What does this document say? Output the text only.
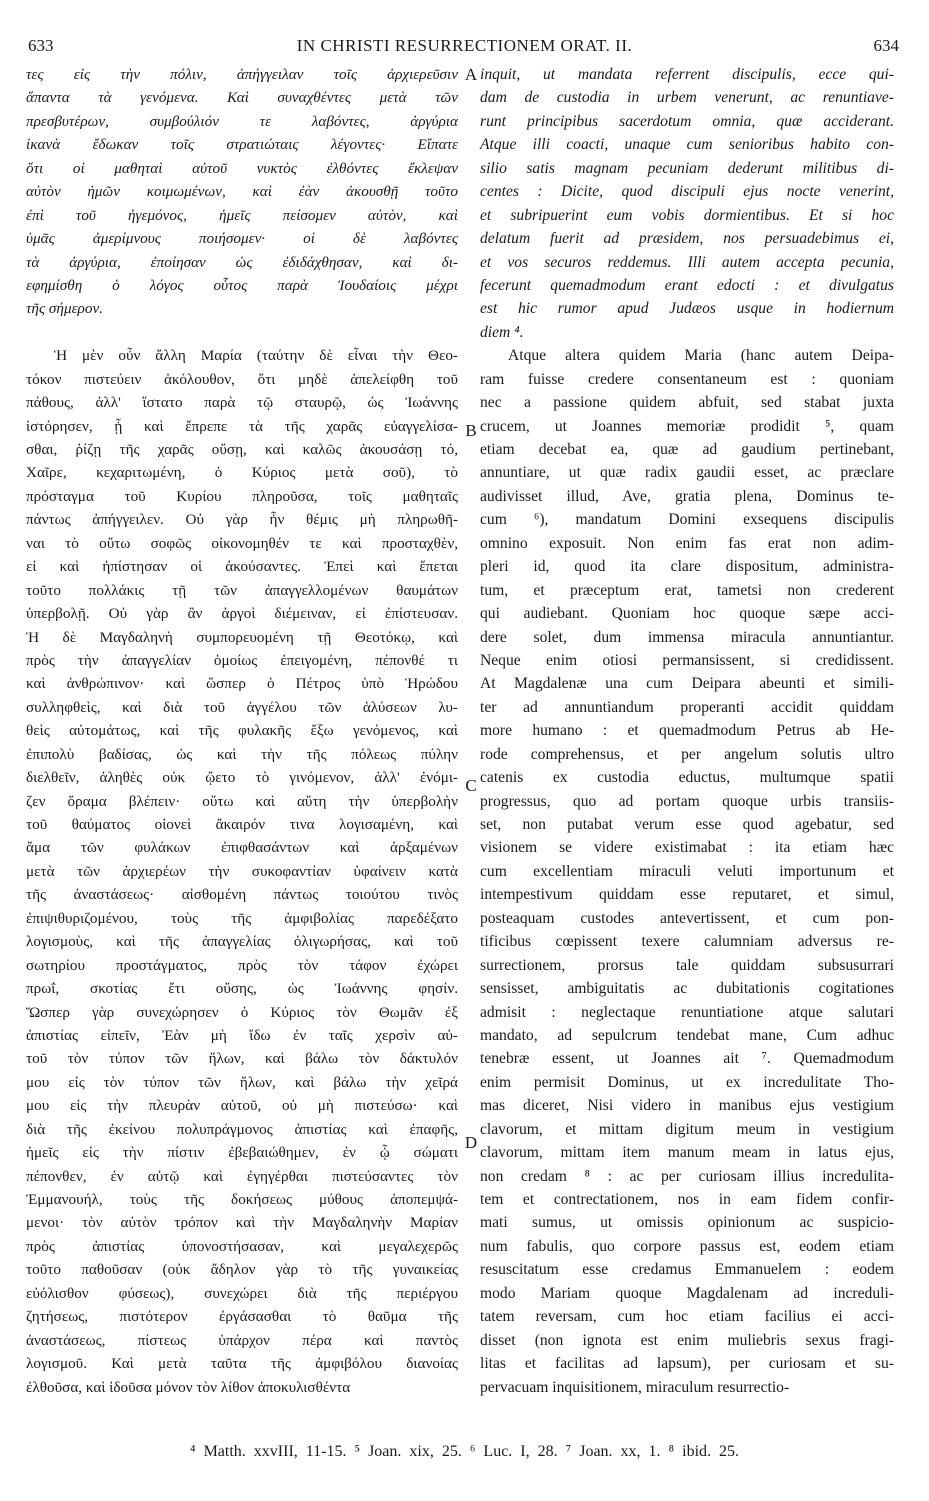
633	IN CHRISTI RESURRECTIONEM ORAT. II.	634
τες εἰς τὴν πόλιν, ἀπήγγειλαν τοῖς ἀρχιερεῦσιν
ἅπαντα τὰ γενόμενα. Καὶ συναχθέντες μετὰ τῶν
πρεσβυτέρων, συμβούλιόν τε λαβόντες, ἀργύρια
ἱκανὰ ἔδωκαν τοῖς στρατιώταις λέγοντες· Εἴπατε
ὅτι οἱ μαθηταὶ αὐτοῦ νυκτὸς ἐλθόντες ἔκλεψαν
αὐτὸν ἡμῶν κοιμωμένων, καὶ ἐὰν ἀκουσθῇ τοῦτο
ἐπὶ τοῦ ἡγεμόνος, ἡμεῖς πείσομεν αὐτὸν, καὶ
ὑμᾶς ἀμερίμνους ποιήσομεν· οἱ δὲ λαβόντες
τὰ ἀργύρια, ἐποίησαν ὡς ἐδιδάχθησαν, καὶ δι-
εφημίσθη ὁ λόγος οὗτος παρὰ Ἰουδαίοις μέχρι
τῆς σήμερον.
Ἡ μὲν οὖν ἄλλη Μαρία (ταύτην δὲ εἶναι τὴν Θεο-
τόκον πιστεύειν ἀκόλουθον, ὅτι μηδὲ ἀπελείφθη τοῦ
πάθους, ἀλλ' ἵστατο παρὰ τῷ σταυρῷ, ὡς Ἰωάννης
ἱστόρησεν, ᾗ καὶ ἔπρεπε τὰ τῆς χαρᾶς εὐαγγελίσα-
σθαι, ῥίζῃ τῆς χαρᾶς οὔσῃ, καὶ καλῶς ἀκουσάσῃ τό,
Χαῖρε, κεχαριτωμένη, ὁ Κύριος μετὰ σοῦ), τὸ
πρόσταγμα τοῦ Κυρίου πληροῦσα, τοῖς μαθηταῖς
πάντως ἀπήγγειλεν. Οὐ γὰρ ἦν θέμις μὴ πληρωθῆ-
ναι τὸ οὕτω σοφῶς οἰκονομηθέν τε καὶ προσταχθὲν,
εἰ καὶ ἠπίστησαν οἱ ἀκούσαντες. Ἐπεὶ καὶ ἕπεται
τοῦτο πολλάκις τῇ τῶν ἀπαγγελλομένων θαυμάτων
ὑπερβολῇ. Οὐ γὰρ ἂν ἀργοὶ διέμειναν, εἰ ἐπίστευσαν.
Ἡ δὲ Μαγδαληνὴ συμπορευομένη τῇ Θεοτόκῳ, καὶ
πρὸς τὴν ἀπαγγελίαν ὁμοίως ἐπειγομένη, πέπονθέ τι
καὶ ἀνθρώπινον· καὶ ὥσπερ ὁ Πέτρος ὑπὸ Ἡρώδου
συλληφθεὶς, καὶ διὰ τοῦ ἀγγέλου τῶν ἁλύσεων λυ-
θεὶς αὐτομάτως, καὶ τῆς φυλακῆς ἔξω γενόμενος, καὶ
ἐπιπολὺ βαδίσας, ὡς καὶ τὴν τῆς πόλεως πύλην
διελθεῖν, ἀληθὲς οὐκ ᾤετο τὸ γινόμενον, ἀλλ' ἐνόμι-
ζεν ὅραμα βλέπειν· οὕτω καὶ αὕτη τὴν ὑπερβολὴν
τοῦ θαύματος οἱονεὶ ἄκαιρόν τινα λογισαμένη, καὶ
ἅμα τῶν φυλάκων ἐπιφθασάντων καὶ ἀρξαμένων
μετὰ τῶν ἀρχιερέων τὴν συκοφαντίαν ὑφαίνειν κατὰ
τῆς ἀναστάσεως· αἰσθομένη πάντως τοιούτου τινὸς
ἐπιψιθυριζομένου, τοὺς τῆς ἀμφιβολίας παρεδέξατο
λογισμοὺς, καὶ τῆς ἀπαγγελίας ὀλιγωρήσας, καὶ τοῦ
σωτηρίου προστάγματος, πρὸς τὸν τάφον ἐχώρει
πρωΐ, σκοτίας ἔτι οὔσης, ὡς Ἰωάννης φησίν.
Ὥσπερ γὰρ συνεχώρησεν ὁ Κύριος τὸν Θωμᾶν ἐξ
ἀπιστίας εἰπεῖν, Ἐὰν μὴ ἴδω ἐν ταῖς χερσὶν αὐ-
τοῦ τὸν τύπον τῶν ἥλων, καὶ βάλω τὸν δάκτυλόν
μου εἰς τὸν τύπον τῶν ἥλων, καὶ βάλω τὴν χεῖρά
μου εἰς τὴν πλευρὰν αὐτοῦ, οὐ μὴ πιστεύσω· καὶ
διὰ τῆς ἐκείνου πολυπράγμονος ἀπιστίας καὶ ἐπαφῆς,
ἡμεῖς εἰς τὴν πίστιν ἐβεβαιώθημεν, ἐν ᾧ σώματι
πέπονθεν, ἐν αὐτῷ καὶ ἐγηγέρθαι πιστεύσαντες τὸν
Ἐμμανουήλ, τοὺς τῆς δοκήσεως μύθους ἀποπεμψά-
μενοι· τὸν αὐτὸν τρόπον καὶ τὴν Μαγδαληνὴν Μαρίαν
πρὸς ἀπιστίας ὑπονοστήσασαν, καὶ μεγαλεχερῶς
τοῦτο παθοῦσαν (οὐκ ἄδηλον γὰρ τὸ τῆς γυναικείας
εὐόλισθον φύσεως), συνεχώρει διὰ τῆς περιέργου
ζητήσεως, πιστότερον ἐργάσασθαι τὸ θαῦμα τῆς
ἀναστάσεως, πίστεως ὑπάρχον πέρα καὶ παντὸς
λογισμοῦ. Καὶ μετὰ ταῦτα τῆς ἀμφιβόλου διανοίας
ἐλθοῦσα, καὶ ἰδοῦσα μόνον τὸν λίθον ἀποκυλισθέντα
inquit, ut mandata referrent discipulis, ecce qui-
dam de custodia in urbem venerunt, ac renuntiave-
runt principibus sacerdotum omnia, quæ acciderant.
Atque illi coacti, unaque cum senioribus habito con-
silio satis magnam pecuniam dederunt militibus di-
centes : Dicite, quod discipuli ejus nocte venerint,
et subripuerint eum vobis dormientibus. Et si hoc
delatum fuerit ad præsidem, nos persuadebimus ei,
et vos securos reddemus. Illi autem accepta pecunia,
fecerunt quemadmodum erant edocti : et divulgatus
est hic rumor apud Judæos usque in hodiernum
diem ⁴.
Atque altera quidem Maria (hanc autem Deipa-
ram fuisse credere consentaneum est : quoniam
nec a passione quidem abfuit, sed stabat juxta
crucem, ut Joannes memoriæ prodidit ⁵, quam
etiam decebat ea, quæ ad gaudium pertinebant,
annuntiare, ut quæ radix gaudii esset, ac præclare
audivisset illud, Ave, gratia plena, Dominus te-
cum ⁶), mandatum Domini exsequens discipulis
omnino exposuit. Non enim fas erat non adim-
pleri id, quod ita clare dispositum, administra-
tum, et præceptum erat, tametsi non crederent
qui audiebant. Quoniam hoc quoque sæpe acci-
dere solet, dum immensa miracula annuntiantur.
Neque enim otiosi permansissent, si credidissent.
At Magdalenæ una cum Deipara abeunti et simili-
ter ad annuntiandum properanti accidit quiddam
more humano : et quemadmodum Petrus ab He-
rode comprehensus, et per angelum solutis ultro
catenis ex custodia eductus, multumque spatii
progressus, quo ad portam quoque urbis transiis-
set, non putabat verum esse quod agebatur, sed
visionem se videre existimabat : ita etiam hæc
cum excellentiam miraculi veluti importunum et
intempestivum quiddam esse reputaret, et simul,
posteaquam custodes antevertissent, et cum pon-
tificibus cœpissent texere calumniam adversus re-
surrectionem, prorsus tale quiddam subsusurrari
sensisset, ambiguitatis ac dubitationis cogitationes
admisit : neglectaque renuntiatione atque salutari
mandato, ad sepulcrum tendebat mane, Cum adhuc
tenebræ essent, ut Joannes ait ⁷. Quemadmodum
enim permisit Dominus, ut ex incredulitate Tho-
mas diceret, Nisi videro in manibus ejus vestigium
clavorum, et mittam digitum meum in vestigium
clavorum, mittam item manum meam in latus ejus,
non credam ⁸ : ac per curiosam illius incredulita-
tem et contrectationem, nos in eam fidem confir-
mati sumus, ut omissis opinionum ac suspicio-
num fabulis, quo corpore passus est, eodem etiam
resuscitatum esse credamus Emmanuelem : eodem
modo Mariam quoque Magdalenam ad increduli-
tatem reversam, cum hoc etiam facilius ei acci-
disset (non ignota est enim muliebris sexus fragi-
litas et facilitas ad lapsum), per curiosam et su-
pervacuam inquisitionem, miraculum resurrectio-
A
B
C
D
⁴ Matth. xxvIII, 11-15. ⁵ Joan. xix, 25. ⁶ Luc. I, 28. ⁷ Joan. xx, 1. ⁸ ibid. 25.
